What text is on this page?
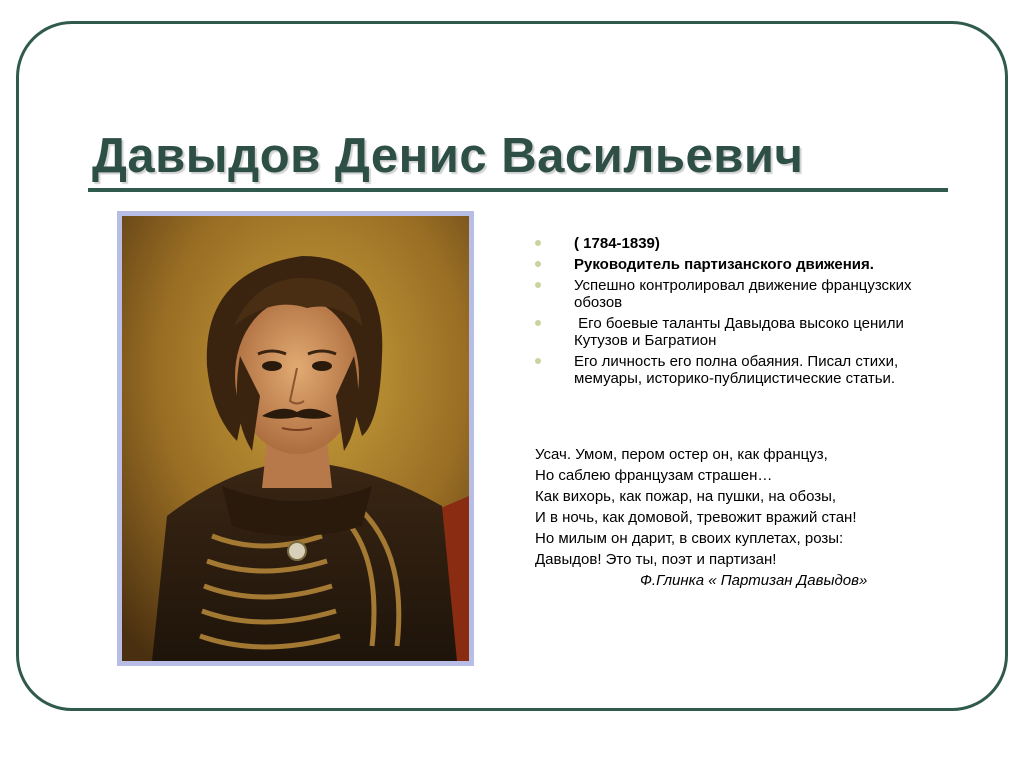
Давыдов Денис Васильевич
( 1784-1839)
Руководитель партизанского движения.
Успешно контролировал движение французских обозов
Его боевые таланты Давыдова высоко ценили Кутузов и Багратион
Его личность его полна обаяния. Писал стихи, мемуары, историко-публицистические статьи.
Усач. Умом, пером остер он, как француз,
Но саблею французам страшен…
Как вихорь, как пожар, на пушки, на обозы,
И в ночь, как домовой, тревожит вражий стан!
Но милым он дарит, в своих куплетах, розы:
Давыдов! Это ты, поэт и партизан!
Ф.Глинка « Партизан Давыдов»
